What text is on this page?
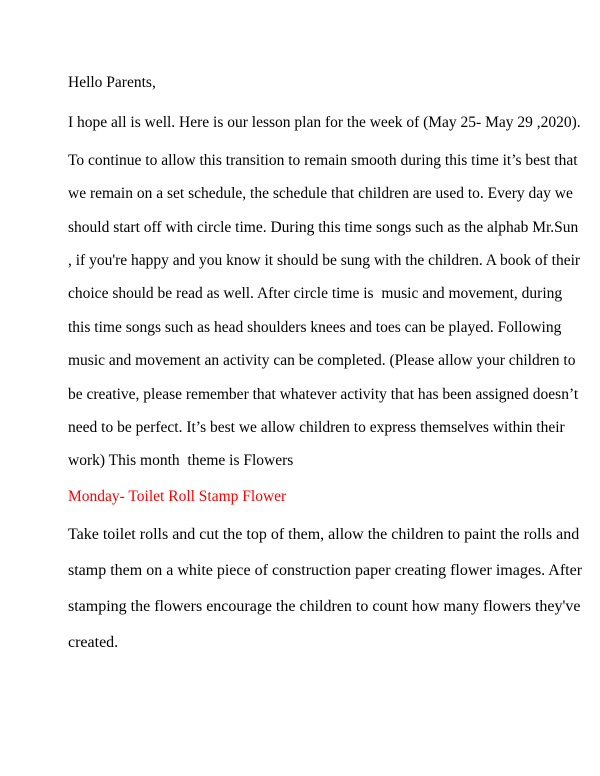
Hello Parents,
I hope all is well. Here is our lesson plan for the week of (May 25- May 29 ,2020).
To continue to allow this transition to remain smooth during this time it’s best that
we remain on a set schedule, the schedule that children are used to. Every day we
should start off with circle time. During this time songs such as the alphab Mr.Sun
, if you're happy and you know it should be sung with the children. A book of their
choice should be read as well. After circle time is  music and movement, during
this time songs such as head shoulders knees and toes can be played. Following
music and movement an activity can be completed. (Please allow your children to
be creative, please remember that whatever activity that has been assigned doesn’t
need to be perfect. It’s best we allow children to express themselves within their
work) This month  theme is Flowers
Monday- Toilet Roll Stamp Flower
Take toilet rolls and cut the top of them, allow the children to paint the rolls and
stamp them on a white piece of construction paper creating flower images. After
stamping the flowers encourage the children to count how many flowers they've
created.
